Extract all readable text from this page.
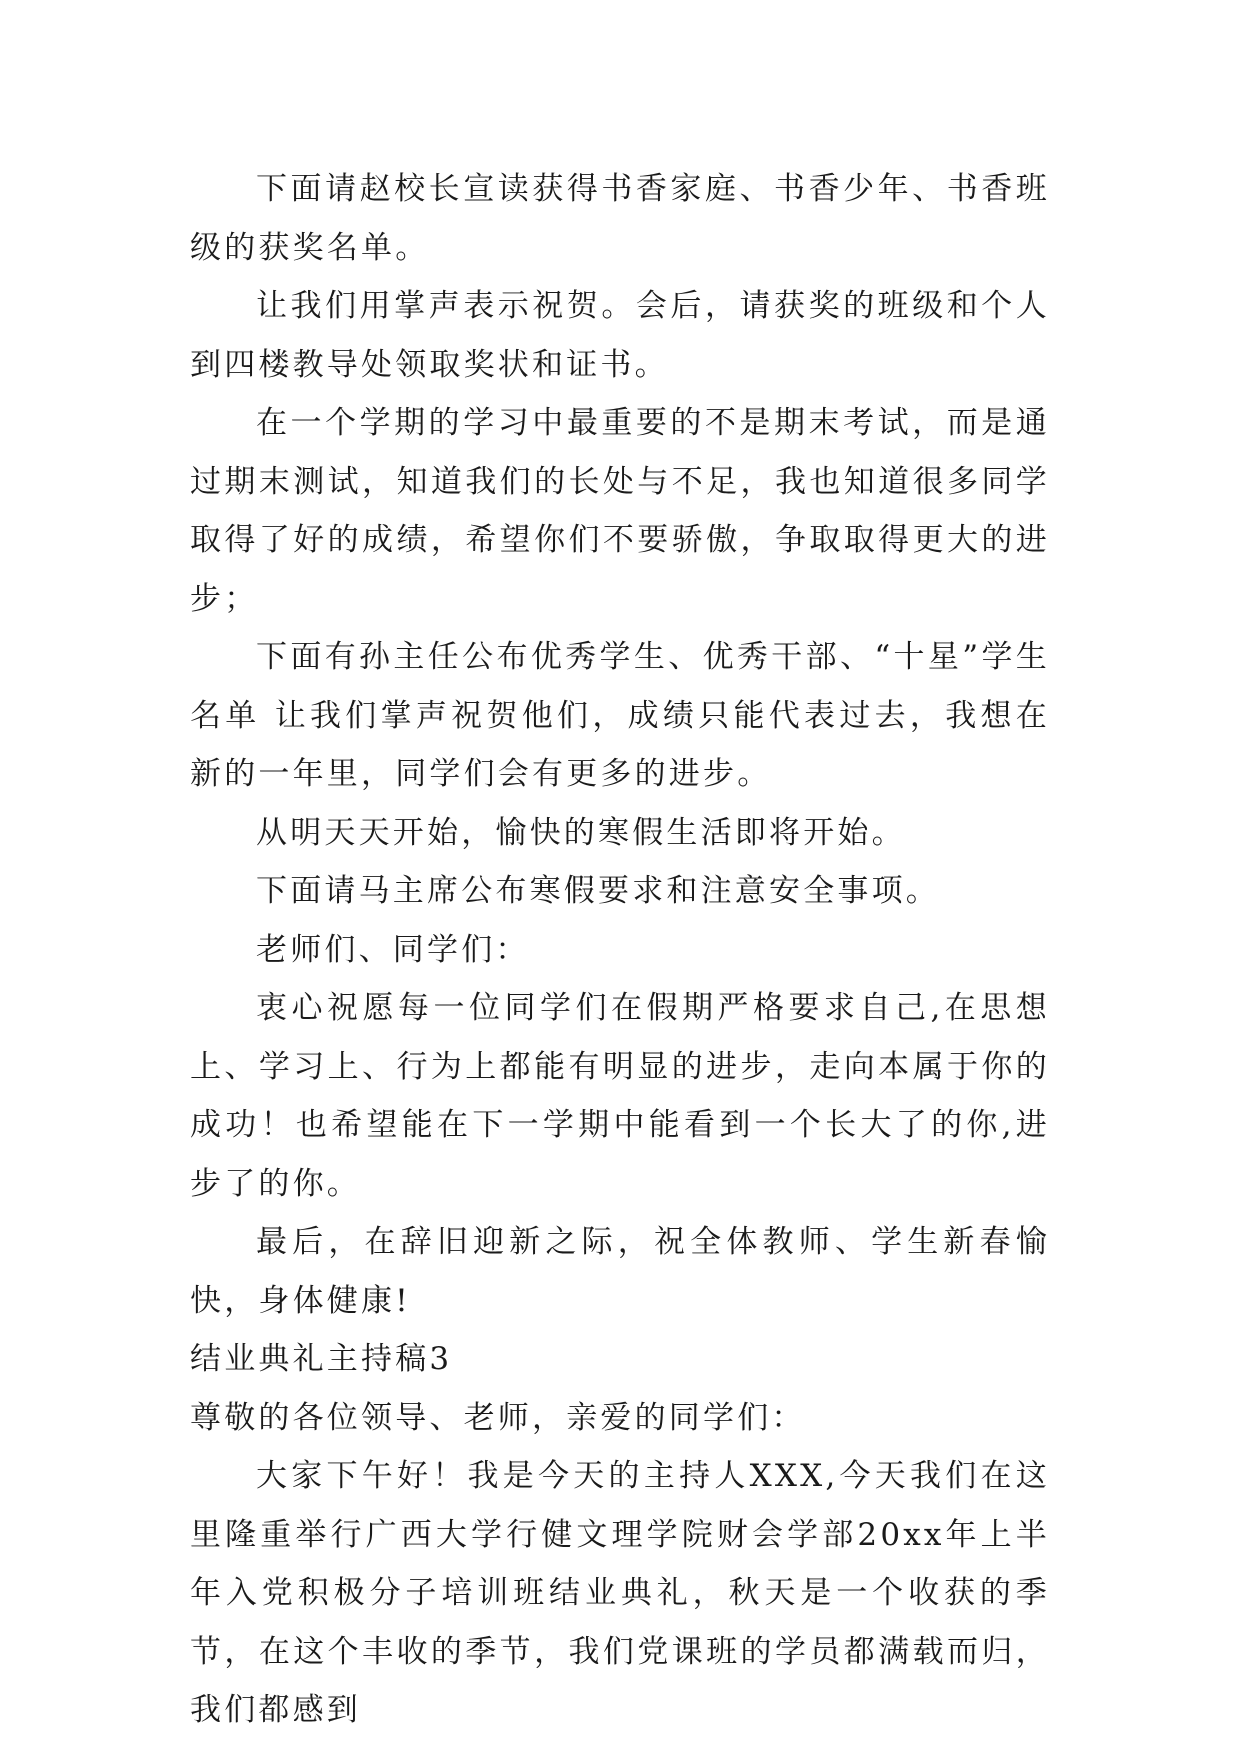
下面请赵校长宣读获得书香家庭、书香少年、书香班级的获奖名单。

让我们用掌声表示祝贺。会后，请获奖的班级和个人到四楼教导处领取奖状和证书。

在一个学期的学习中最重要的不是期末考试，而是通过期末测试，知道我们的长处与不足，我也知道很多同学取得了好的成绩，希望你们不要骄傲，争取取得更大的进步；

下面有孙主任公布优秀学生、优秀干部、“十星”学生名单 让我们掌声祝贺他们，成绩只能代表过去，我想在新的一年里，同学们会有更多的进步。

从明天天开始，愉快的寒假生活即将开始。

下面请马主席公布寒假要求和注意安全事项。

老师们、同学们：

衷心祝愿每一位同学们在假期严格要求自己,在思想上、学习上、行为上都能有明显的进步，走向本属于你的成功！也希望能在下一学期中能看到一个长大了的你,进步了的你。

最后，在辞旧迎新之际，祝全体教师、学生新春愉快，身体健康!

结业典礼主持稿3

尊敬的各位领导、老师，亲爱的同学们：

大家下午好！我是今天的主持人XXX,今天我们在这里隆重举行广西大学行健文理学院财会学部20xx年上半年入党积极分子培训班结业典礼，秋天是一个收获的季节，在这个丰收的季节，我们党课班的学员都满载而归，我们都感到
